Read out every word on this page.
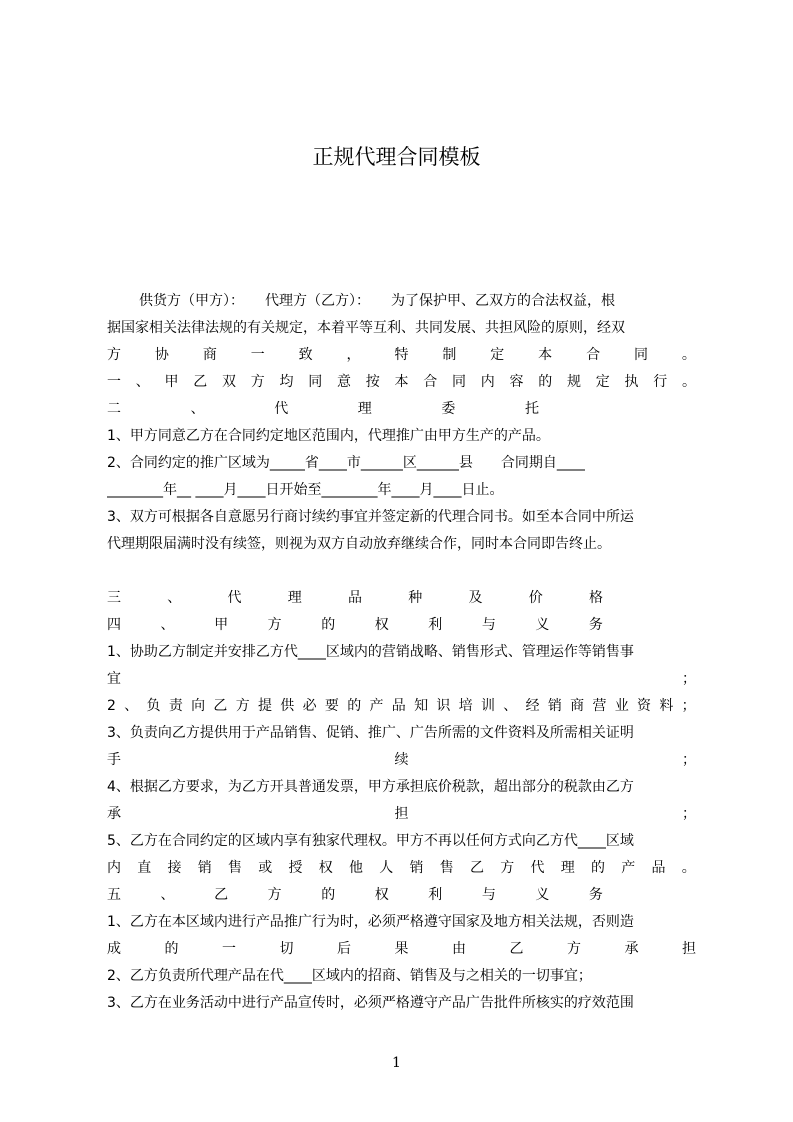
正规代理合同模板
供货方（甲方）：　　代理方（乙方）：　　为了保护甲、乙双方的合法权益，根
据国家相关法律法规的有关规定，本着平等互利、共同发展、共担风险的原则，经双
方 协 商 一 致 ， 特 制 定 本 合 同 。
一 、 甲 乙 双 方 均 同 意 按 本 合 同 内 容 的 规 定 执 行 。
二	、	代	理	委	托
1、甲方同意乙方在合同约定地区范围内，代理推广由甲方生产的产品。
2、合同约定的推广区域为_____省____市______区______县　　合同期自____
________年__ ____月____日开始至________年____月____日止。
3、双方可根据各自意愿另行商讨续约事宜并签定新的代理合同书。如至本合同中所运
代理期限届满时没有续签，则视为双方自动放弃继续合作，同时本合同即告终止。
三	、	代	理	品	种	及	价	格
四	、	甲	方	的	权	利	与	义	务
1、协助乙方制定并安排乙方代____区域内的营销战略、销售形式、管理运作等销售事
宜	；
2 、 负 责 向 乙 方 提 供 必 要 的 产 品 知 识 培 训 、 经 销 商 营 业 资 料 ；
3、负责向乙方提供用于产品销售、促销、推广、广告所需的文件资料及所需相关证明
手	续	；
4、根据乙方要求，为乙方开具普通发票，甲方承担底价税款，超出部分的税款由乙方
承	担	；
5、乙方在合同约定的区域内享有独家代理权。甲方不再以任何方式向乙方代____区域
内 直 接 销 售 或 授 权 他 人 销 售 乙 方 代 理 的 产 品 。
五	、	乙	方	的	权	利	与	义	务
1、乙方在本区域内进行产品推广行为时，必须严格遵守国家及地方相关法规，否则造
成	的	一	切	后	果	由	乙	方	承	担
2、乙方负责所代理产品在代____区域内的招商、销售及与之相关的一切事宜；
3、乙方在业务活动中进行产品宣传时，必须严格遵守产品广告批件所核实的疗效范围
1
